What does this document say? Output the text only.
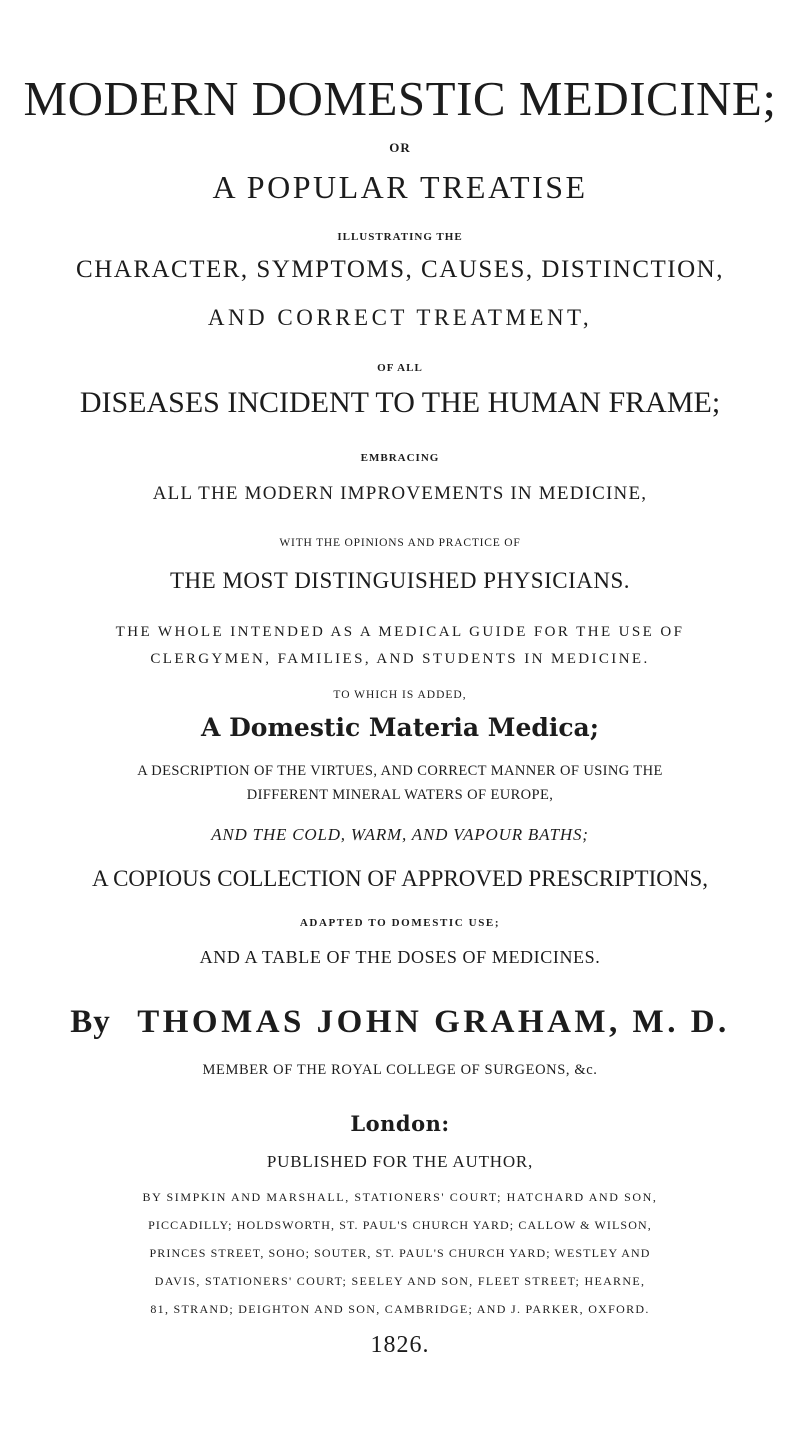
MODERN DOMESTIC MEDICINE;

OR

A POPULAR TREATISE

ILLUSTRATING THE

CHARACTER, SYMPTOMS, CAUSES, DISTINCTION,

AND CORRECT TREATMENT,

OF ALL

DISEASES INCIDENT TO THE HUMAN FRAME;

EMBRACING

ALL THE MODERN IMPROVEMENTS IN MEDICINE,

WITH THE OPINIONS AND PRACTICE OF

THE MOST DISTINGUISHED PHYSICIANS.

THE WHOLE INTENDED AS A MEDICAL GUIDE FOR THE USE OF

CLERGYMEN, FAMILIES, AND STUDENTS IN MEDICINE.

TO WHICH IS ADDED,

A Domestic Materia Medica;

A DESCRIPTION OF THE VIRTUES, AND CORRECT MANNER OF USING THE

DIFFERENT MINERAL WATERS OF EUROPE,

AND THE COLD, WARM, AND VAPOUR BATHS;

A COPIOUS COLLECTION OF APPROVED PRESCRIPTIONS,

ADAPTED TO DOMESTIC USE;

AND A TABLE OF THE DOSES OF MEDICINES.

By THOMAS JOHN GRAHAM, M. D.

MEMBER OF THE ROYAL COLLEGE OF SURGEONS, &c.

London:

PUBLISHED FOR THE AUTHOR,

BY SIMPKIN AND MARSHALL, STATIONERS' COURT; HATCHARD AND SON,

PICCADILLY; HOLDSWORTH, ST. PAUL'S CHURCH YARD; CALLOW & WILSON,

PRINCES STREET, SOHO; SOUTER, ST. PAUL'S CHURCH YARD; WESTLEY AND

DAVIS, STATIONERS' COURT; SEELEY AND SON, FLEET STREET; HEARNE,

81, STRAND; DEIGHTON AND SON, CAMBRIDGE; AND J. PARKER, OXFORD.

1826.
